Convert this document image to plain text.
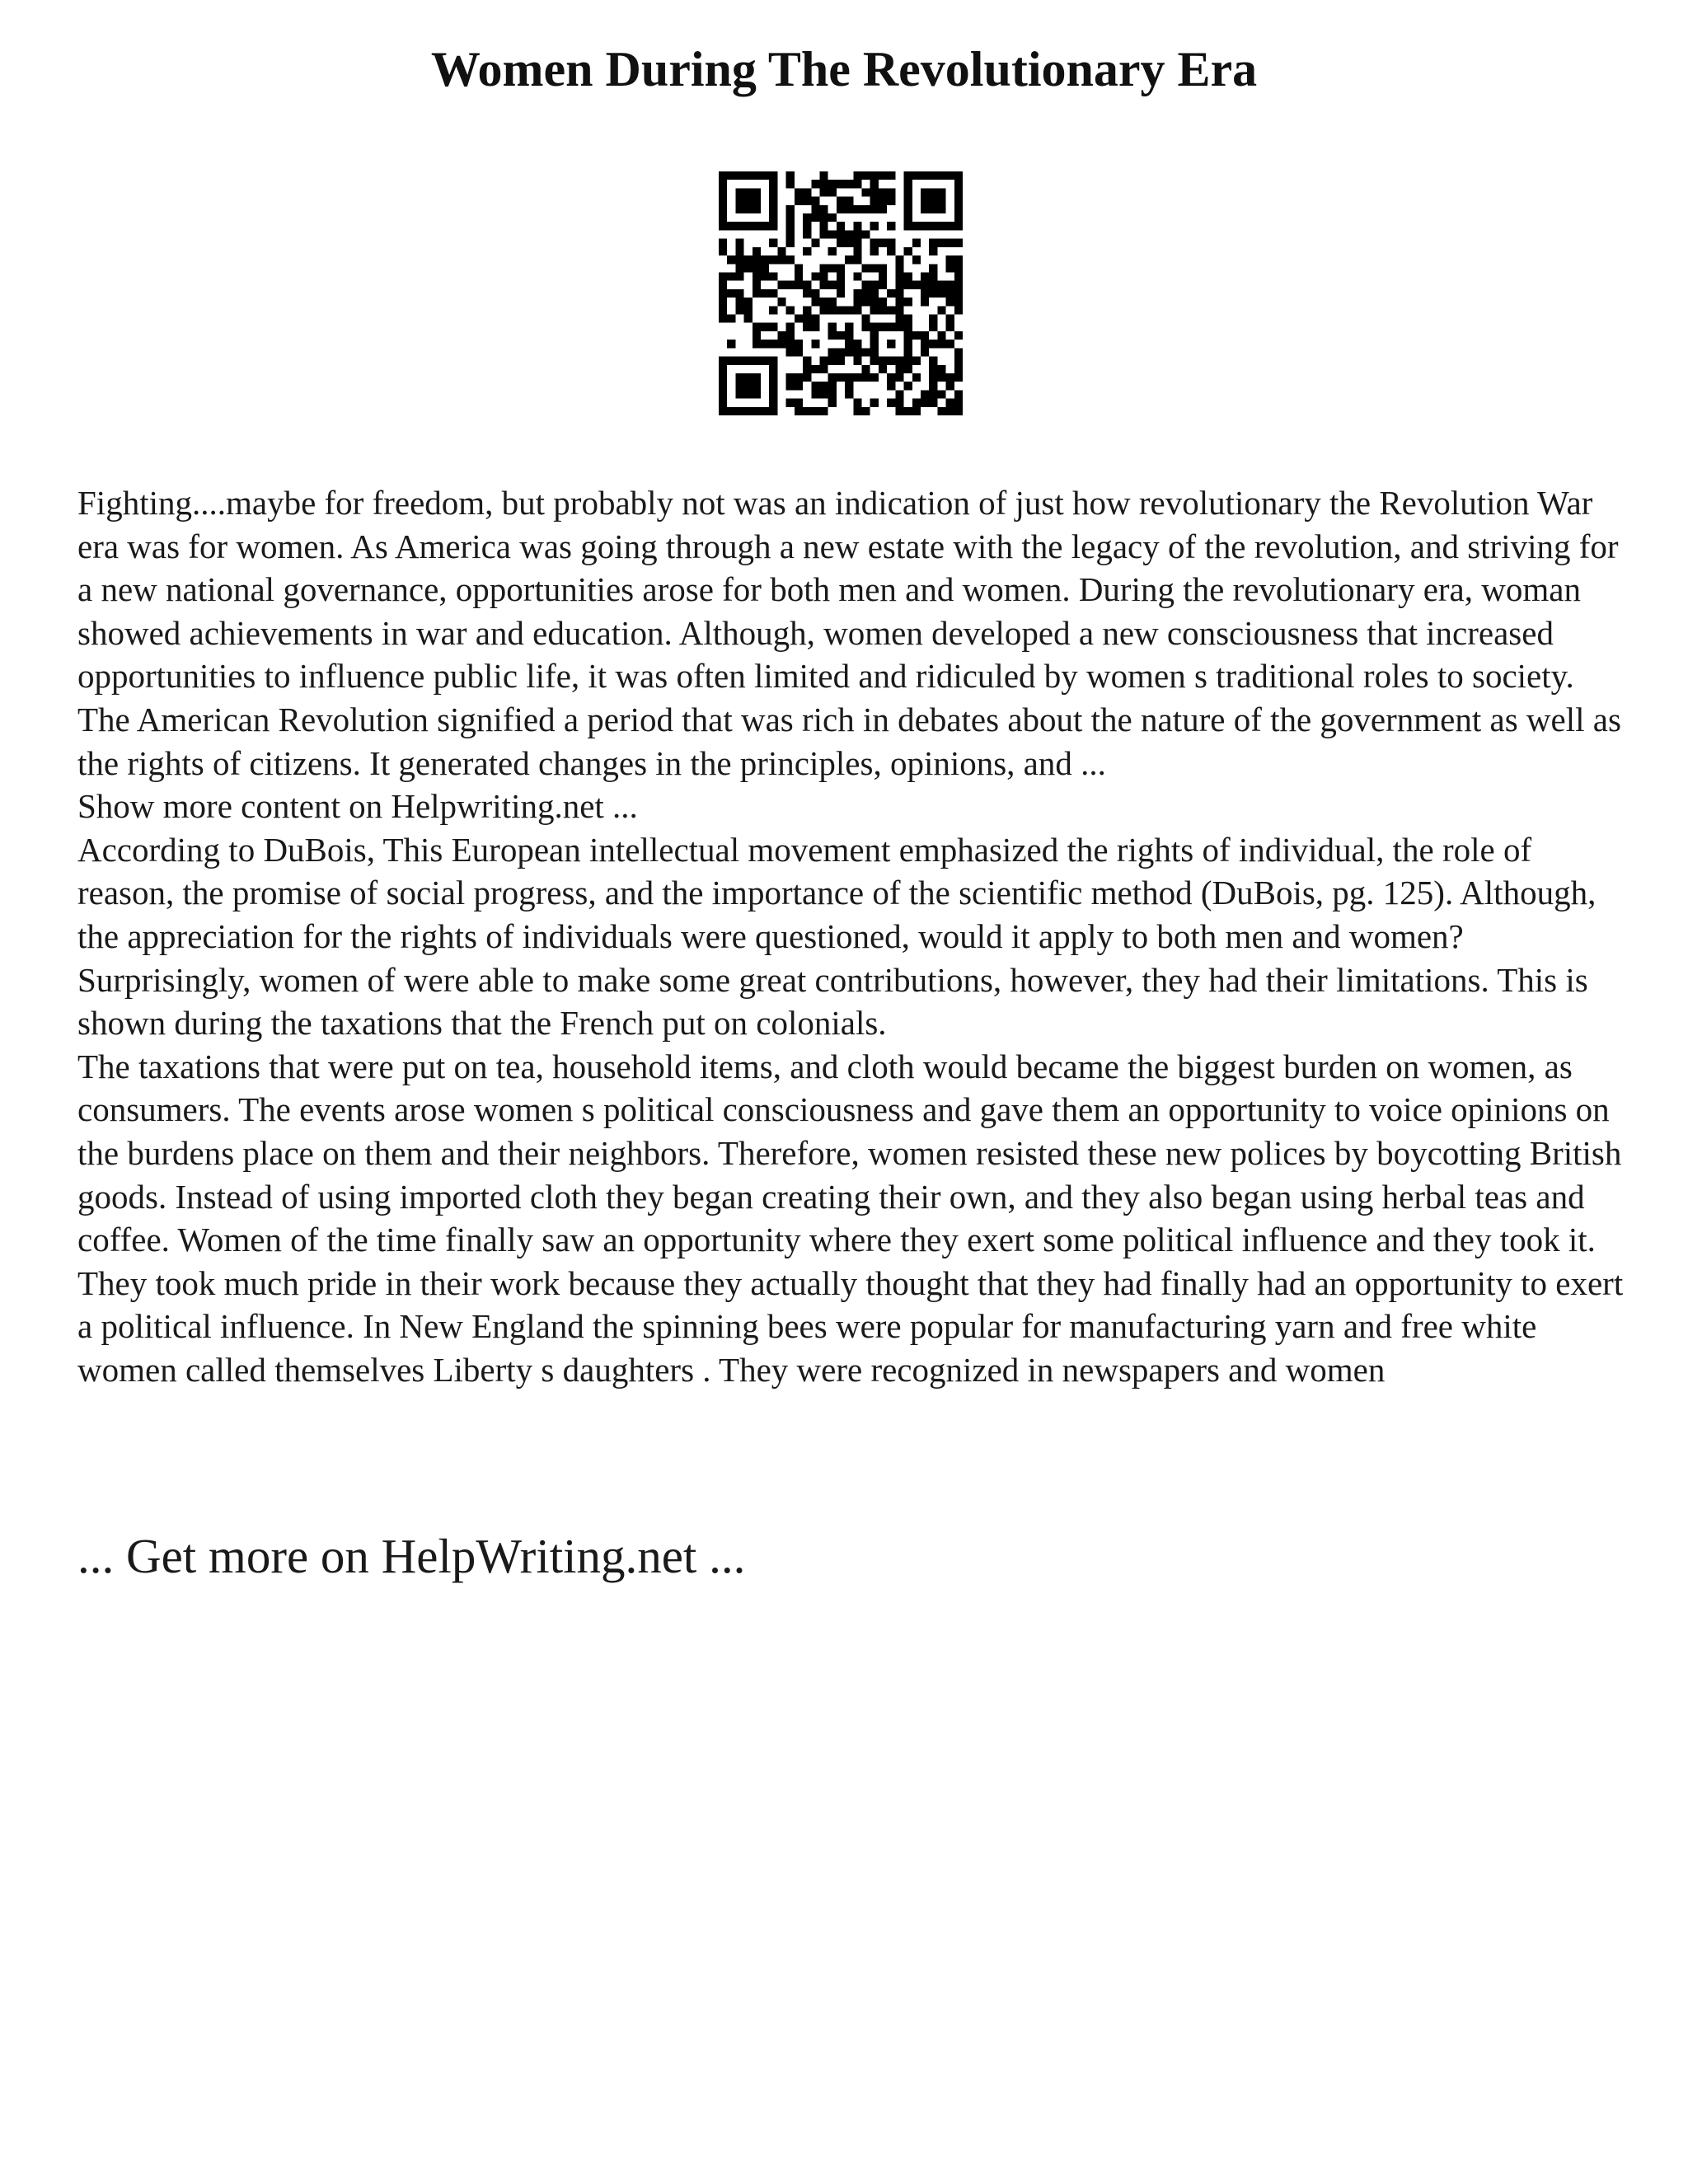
Women During The Revolutionary Era

Fighting....maybe for freedom, but probably not was an indication of just how revolutionary the Revolution War era was for women. As America was going through a new estate with the legacy of the revolution, and striving for a new national governance, opportunities arose for both men and women. During the revolutionary era, woman showed achievements in war and education. Although, women developed a new consciousness that increased opportunities to influence public life, it was often limited and ridiculed by women s traditional roles to society.

The American Revolution signified a period that was rich in debates about the nature of the government as well as the rights of citizens. It generated changes in the principles, opinions, and ...

Show more content on Helpwriting.net ...

According to DuBois, This European intellectual movement emphasized the rights of individual, the role of reason, the promise of social progress, and the importance of the scientific method (DuBois, pg. 125). Although, the appreciation for the rights of individuals were questioned, would it apply to both men and women? Surprisingly, women of were able to make some great contributions, however, they had their limitations. This is shown during the taxations that the French put on colonials.

The taxations that were put on tea, household items, and cloth would became the biggest burden on women, as consumers. The events arose women s political consciousness and gave them an opportunity to voice opinions on the burdens place on them and their neighbors. Therefore, women resisted these new polices by boycotting British goods. Instead of using imported cloth they began creating their own, and they also began using herbal teas and coffee. Women of the time finally saw an opportunity where they exert some political influence and they took it. They took much pride in their work because they actually thought that they had finally had an opportunity to exert a political influence. In New England the spinning bees were popular for manufacturing yarn and free white women called themselves Liberty s daughters . They were recognized in newspapers and women

... Get more on HelpWriting.net ...
